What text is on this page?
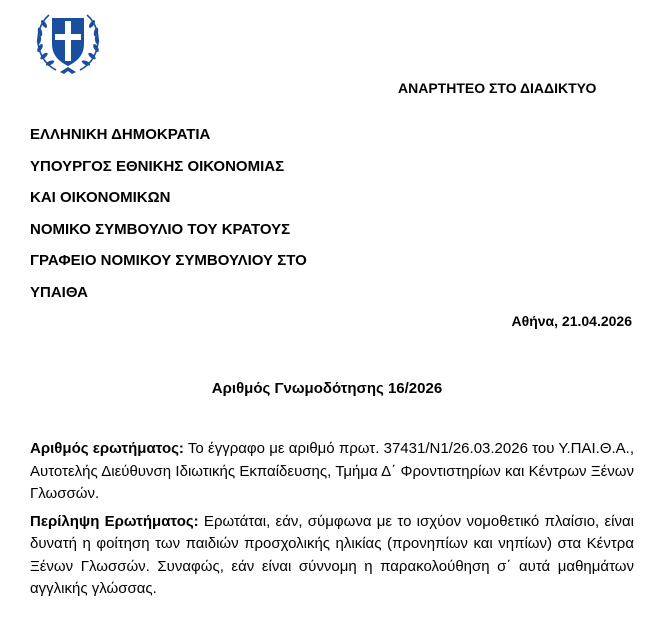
ΑΝΑΡΤΗΤΕΟ ΣΤΟ ΔΙΑΔΙΚΤΥΟ
ΕΛΛΗΝΙΚΗ ΔΗΜΟΚΡΑΤΙΑ
ΥΠΟΥΡΓΟΣ ΕΘΝΙΚΗΣ ΟΙΚΟΝΟΜΙΑΣ
ΚΑΙ ΟΙΚΟΝΟΜΙΚΩΝ
ΝΟΜΙΚΟ ΣΥΜΒΟΥΛΙΟ ΤΟΥ ΚΡΑΤΟΥΣ
ΓΡΑΦΕΙΟ ΝΟΜΙΚΟΥ ΣΥΜΒΟΥΛΙΟΥ ΣΤΟ
ΥΠΑΙΘΑ
Αθήνα, 21.04.2026
Αριθμός Γνωμοδότησης 16/2026

Αριθμός ερωτήματος: Το έγγραφο με αριθμό πρωτ. 37431/Ν1/26.03.2026 του Υ.ΠΑΙ.Θ.Α., Αυτοτελής Διεύθυνση Ιδιωτικής Εκπαίδευσης, Τμήμα Δ΄ Φροντιστηρίων και Κέντρων Ξένων Γλωσσών.

Περίληψη Ερωτήματος: Ερωτάται, εάν, σύμφωνα με το ισχύον νομοθετικό πλαίσιο, είναι δυνατή η φοίτηση των παιδιών προσχολικής ηλικίας (προνηπίων και νηπίων) στα Κέντρα Ξένων Γλωσσών. Συναφώς, εάν είναι σύννομη η παρακολούθηση σ΄ αυτά μαθημάτων αγγλικής γλώσσας.
